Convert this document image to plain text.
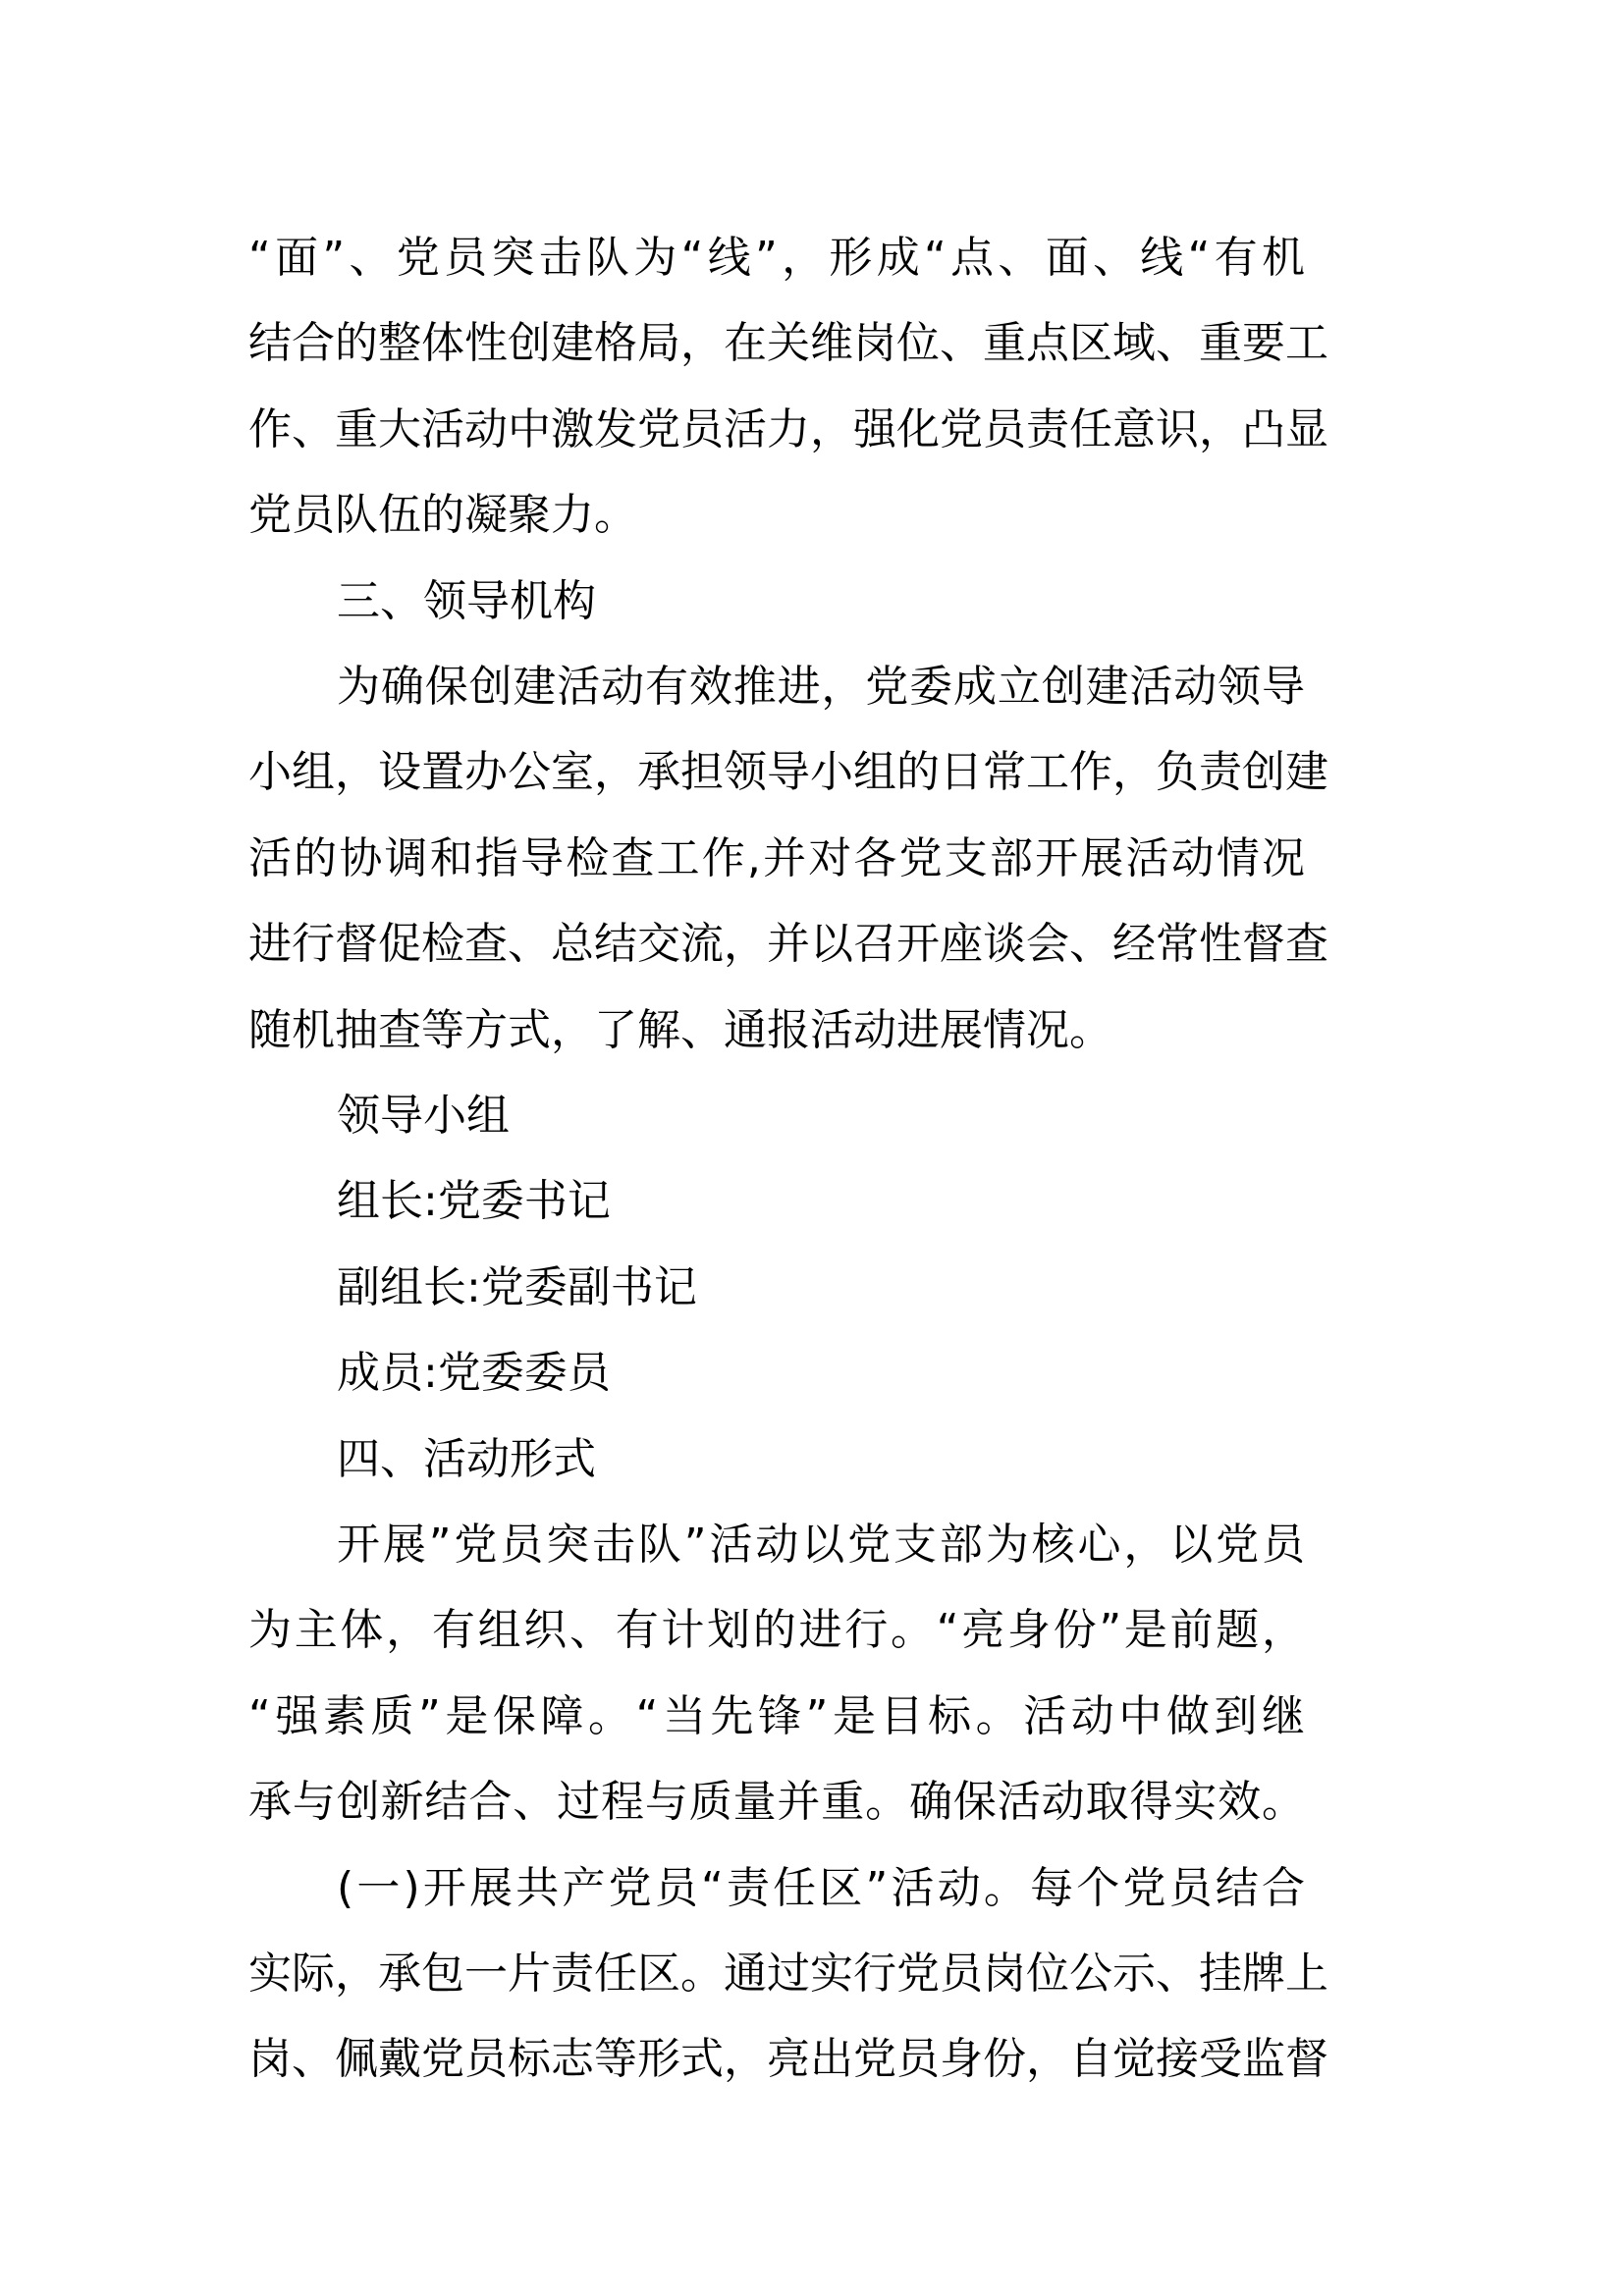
“面”、党员突击队为“线”，形成“点、面、线“有机
结合的整体性创建格局，在关维岗位、重点区域、重要工
作、重大活动中激发党员活力，强化党员责任意识，凸显
党员队伍的凝聚力。
三、领导机构
为确保创建活动有效推进，党委成立创建活动领导
小组，设置办公室，承担领导小组的日常工作，负责创建
活的协调和指导检查工作,并对各党支部开展活动情况
进行督促检查、总结交流，并以召开座谈会、经常性督查
随机抽查等方式，了解、通报活动进展情况。
领导小组
组长:党委书记
副组长:党委副书记
成员:党委委员
四、活动形式
开展”党员突击队”活动以党支部为核心，以党员
为主体，有组织、有计划的进行。“亮身份”是前题，
“强素质”是保障。“当先锋”是目标。活动中做到继
承与创新结合、过程与质量并重。确保活动取得实效。
(一)开展共产党员“责任区”活动。每个党员结合
实际，承包一片责任区。通过实行党员岗位公示、挂牌上
岗、佩戴党员标志等形式，亮出党员身份，自觉接受监督
